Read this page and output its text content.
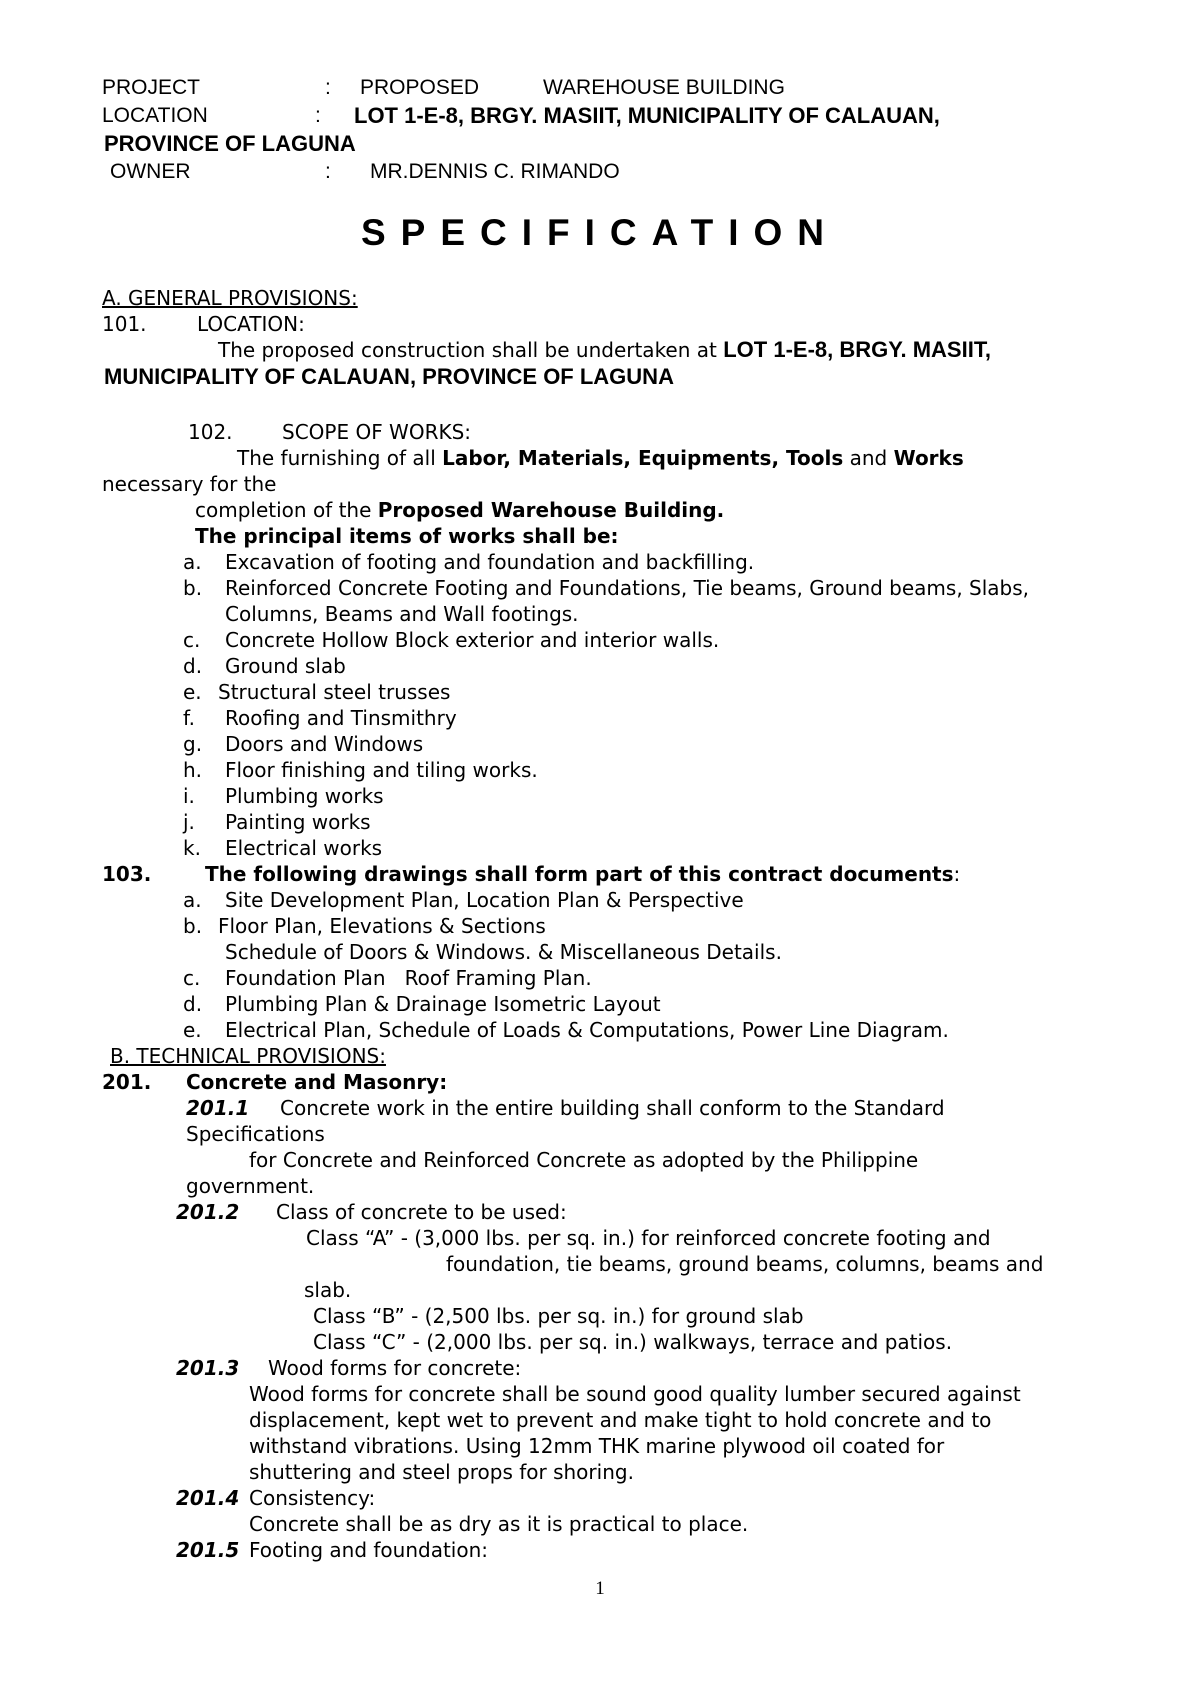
PROJECT	: PROPOSED	WAREHOUSE BUILDING
LOCATION	: LOT 1-E-8, BRGY. MASIIT, MUNICIPALITY OF CALAUAN,
PROVINCE OF LAGUNA
OWNER	: MR.DENNIS C. RIMANDO
SPECIFICATION
A. GENERAL PROVISIONS:
101.	LOCATION:
The proposed construction shall be undertaken at LOT 1-E-8, BRGY. MASIIT,
MUNICIPALITY OF CALAUAN, PROVINCE OF LAGUNA
102. SCOPE OF WORKS:
The furnishing of all Labor, Materials, Equipments, Tools and Works
necessary for the
completion of the Proposed Warehouse Building.
The principal items of works shall be:
a. Excavation of footing and foundation and backfilling.
b. Reinforced Concrete Footing and Foundations, Tie beams, Ground beams, Slabs,
Columns, Beams and Wall footings.
c. Concrete Hollow Block exterior and interior walls.
d. Ground slab
e. Structural steel trusses
f. Roofing and Tinsmithry
g. Doors and Windows
h. Floor finishing and tiling works.
i. Plumbing works
j. Painting works
k. Electrical works
103.	The following drawings shall form part of this contract documents:
a. Site Development Plan, Location Plan & Perspective
b. Floor Plan, Elevations & Sections
Schedule of Doors & Windows. & Miscellaneous Details.
c. Foundation Plan   Roof Framing Plan.
d. Plumbing Plan & Drainage Isometric Layout
e. Electrical Plan, Schedule of Loads & Computations, Power Line Diagram.
B. TECHNICAL PROVISIONS:
201. Concrete and Masonry:
201.1 Concrete work in the entire building shall conform to the Standard
Specifications
for Concrete and Reinforced Concrete as adopted by the Philippine
government.
201.2 Class of concrete to be used:
Class “A” - (3,000 lbs. per sq. in.) for reinforced concrete footing and
foundation, tie beams, ground beams, columns, beams and
slab.
Class “B” - (2,500 lbs. per sq. in.) for ground slab
Class “C” - (2,000 lbs. per sq. in.) walkways, terrace and patios.
201.3 Wood forms for concrete:
Wood forms for concrete shall be sound good quality lumber secured against
displacement, kept wet to prevent and make tight to hold concrete and to
withstand vibrations. Using 12mm THK marine plywood oil coated for
shuttering and steel props for shoring.
201.4 Consistency:
Concrete shall be as dry as it is practical to place.
201.5 Footing and foundation:
1
